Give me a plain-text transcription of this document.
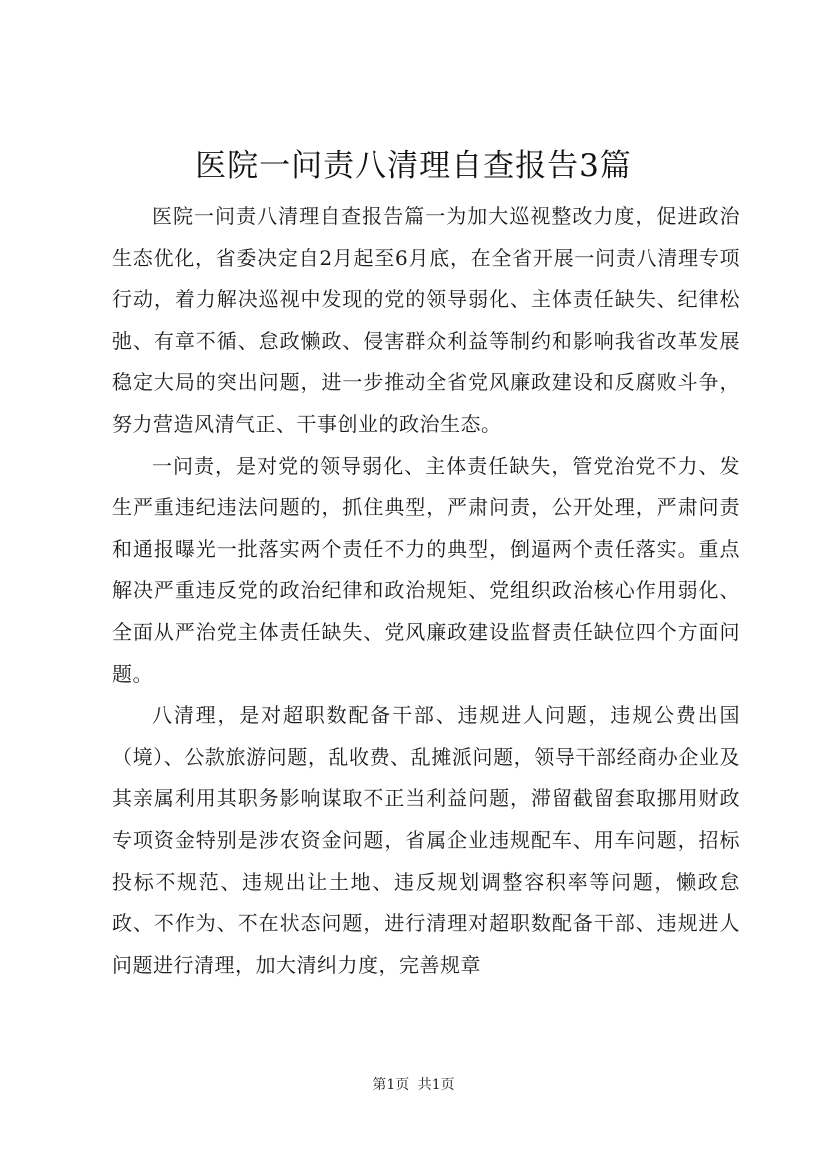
医院一问责八清理自查报告3篇

医院一问责八清理自查报告篇一为加大巡视整改力度，促进政治生态优化，省委决定自2月起至6月底，在全省开展一问责八清理专项行动，着力解决巡视中发现的党的领导弱化、主体责任缺失、纪律松弛、有章不循、怠政懒政、侵害群众利益等制约和影响我省改革发展稳定大局的突出问题，进一步推动全省党风廉政建设和反腐败斗争，努力营造风清气正、干事创业的政治生态。

一问责，是对党的领导弱化、主体责任缺失，管党治党不力、发生严重违纪违法问题的，抓住典型，严肃问责，公开处理，严肃问责和通报曝光一批落实两个责任不力的典型，倒逼两个责任落实。重点解决严重违反党的政治纪律和政治规矩、党组织政治核心作用弱化、全面从严治党主体责任缺失、党风廉政建设监督责任缺位四个方面问题。

八清理，是对超职数配备干部、违规进人问题，违规公费出国（境）、公款旅游问题，乱收费、乱摊派问题，领导干部经商办企业及其亲属利用其职务影响谋取不正当利益问题，滞留截留套取挪用财政专项资金特别是涉农资金问题，省属企业违规配车、用车问题，招标投标不规范、违规出让土地、违反规划调整容积率等问题，懒政怠政、不作为、不在状态问题，进行清理对超职数配备干部、违规进人问题进行清理，加大清纠力度，完善规章

第1页 共1页
